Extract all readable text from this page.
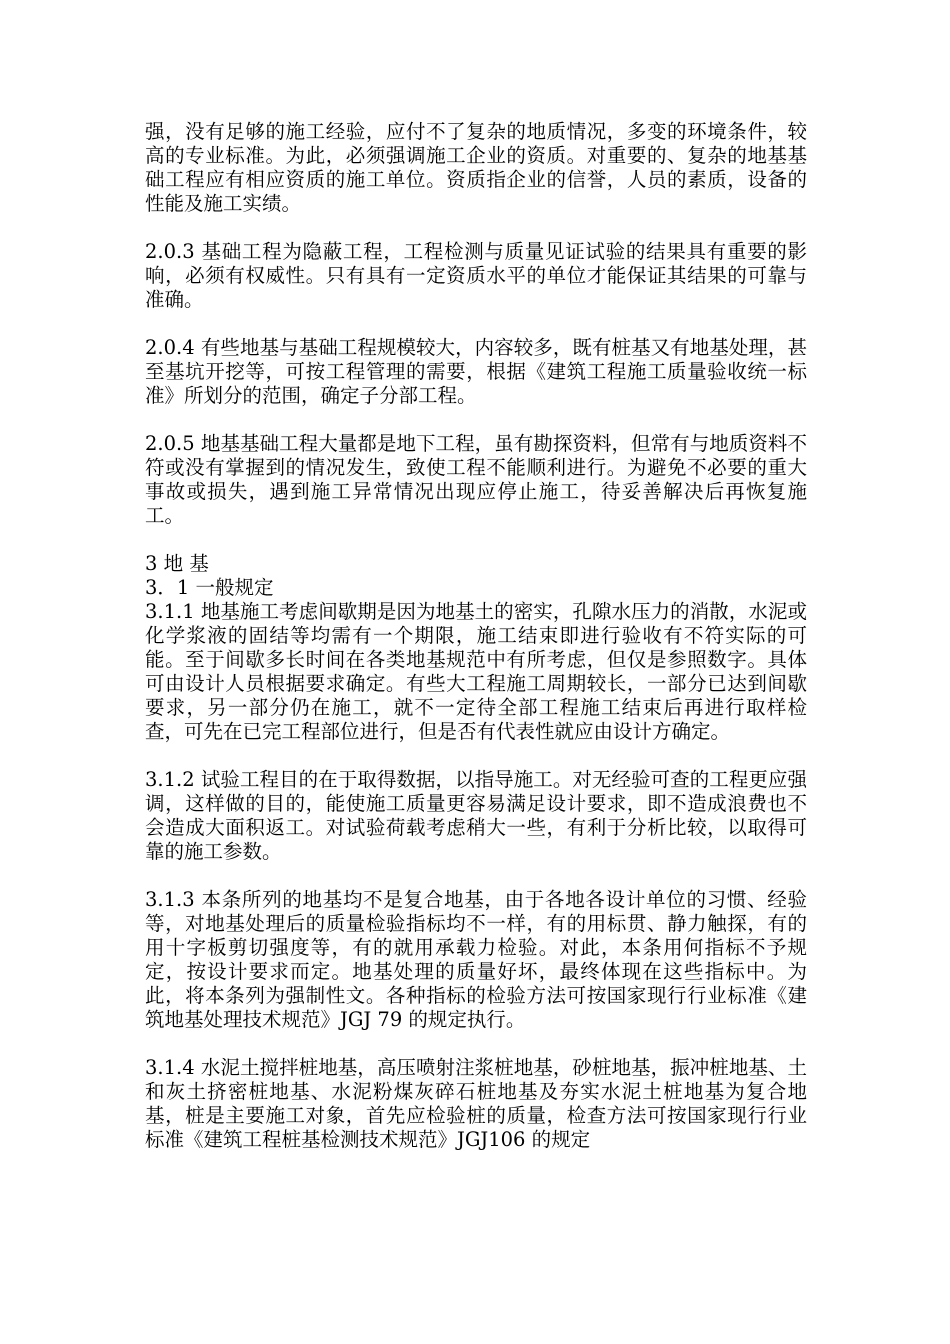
强，没有足够的施工经验，应付不了复杂的地质情况，多变的环境条件，较高的专业标准。为此，必须强调施工企业的资质。对重要的、复杂的地基基础工程应有相应资质的施工单位。资质指企业的信誉，人员的素质，设备的性能及施工实绩。

2.0.3 基础工程为隐蔽工程，工程检测与质量见证试验的结果具有重要的影响，必须有权威性。只有具有一定资质水平的单位才能保证其结果的可靠与准确。

2.0.4 有些地基与基础工程规模较大，内容较多，既有桩基又有地基处理，甚至基坑开挖等，可按工程管理的需要，根据《建筑工程施工质量验收统一标准》所划分的范围，确定子分部工程。

2.0.5 地基基础工程大量都是地下工程，虽有勘探资料，但常有与地质资料不符或没有掌握到的情况发生，致使工程不能顺利进行。为避免不必要的重大事故或损失，遇到施工异常情况出现应停止施工，待妥善解决后再恢复施工。

3 地 基
3．1 一般规定

3.1.1 地基施工考虑间歇期是因为地基土的密实，孔隙水压力的消散，水泥或化学浆液的固结等均需有一个期限，施工结束即进行验收有不符实际的可能。至于间歇多长时间在各类地基规范中有所考虑，但仅是参照数字。具体可由设计人员根据要求确定。有些大工程施工周期较长，一部分已达到间歇要求，另一部分仍在施工，就不一定待全部工程施工结束后再进行取样检查，可先在已完工程部位进行，但是否有代表性就应由设计方确定。

3.1.2 试验工程目的在于取得数据，以指导施工。对无经验可查的工程更应强调，这样做的目的，能使施工质量更容易满足设计要求，即不造成浪费也不会造成大面积返工。对试验荷载考虑稍大一些，有利于分析比较，以取得可靠的施工参数。

3.1.3 本条所列的地基均不是复合地基，由于各地各设计单位的习惯、经验等，对地基处理后的质量检验指标均不一样，有的用标贯、静力触探，有的用十字板剪切强度等，有的就用承载力检验。对此，本条用何指标不予规定，按设计要求而定。地基处理的质量好坏，最终体现在这些指标中。为此，将本条列为强制性文。各种指标的检验方法可按国家现行行业标准《建筑地基处理技术规范》JGJ 79 的规定执行。

3.1.4 水泥土搅拌桩地基，高压喷射注浆桩地基，砂桩地基，振冲桩地基、土和灰土挤密桩地基、水泥粉煤灰碎石桩地基及夯实水泥土桩地基为复合地基，桩是主要施工对象，首先应检验桩的质量，检查方法可按国家现行行业标准《建筑工程桩基检测技术规范》JGJ106 的规定
